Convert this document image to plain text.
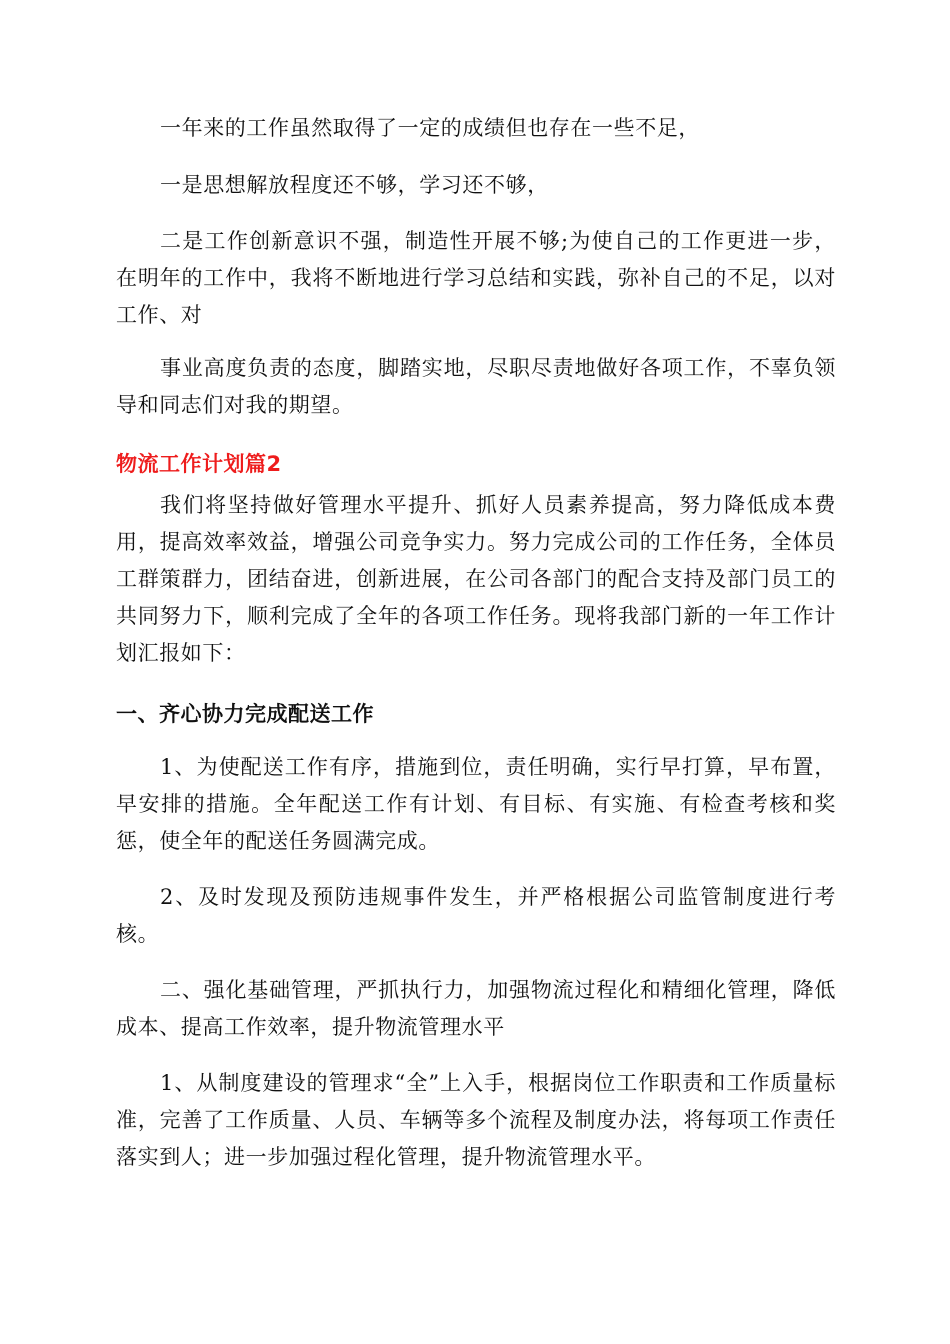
一年来的工作虽然取得了一定的成绩但也存在一些不足，

一是思想解放程度还不够，学习还不够，

二是工作创新意识不强，制造性开展不够;为使自己的工作更进一步，在明年的工作中，我将不断地进行学习总结和实践，弥补自己的不足，以对工作、对

事业高度负责的态度，脚踏实地，尽职尽责地做好各项工作，不辜负领导和同志们对我的期望。

物流工作计划篇2

我们将坚持做好管理水平提升、抓好人员素养提高，努力降低成本费用，提高效率效益，增强公司竞争实力。努力完成公司的工作任务，全体员工群策群力，团结奋进，创新进展，在公司各部门的配合支持及部门员工的共同努力下，顺利完成了全年的各项工作任务。现将我部门新的一年工作计划汇报如下：

一、齐心协力完成配送工作

1、为使配送工作有序，措施到位，责任明确，实行早打算，早布置，早安排的措施。全年配送工作有计划、有目标、有实施、有检查考核和奖惩，使全年的配送任务圆满完成。

2、及时发现及预防违规事件发生，并严格根据公司监管制度进行考核。

二、强化基础管理，严抓执行力，加强物流过程化和精细化管理，降低成本、提高工作效率，提升物流管理水平

1、从制度建设的管理求“全”上入手，根据岗位工作职责和工作质量标准，完善了工作质量、人员、车辆等多个流程及制度办法，将每项工作责任落实到人；进一步加强过程化管理，提升物流管理水平。
